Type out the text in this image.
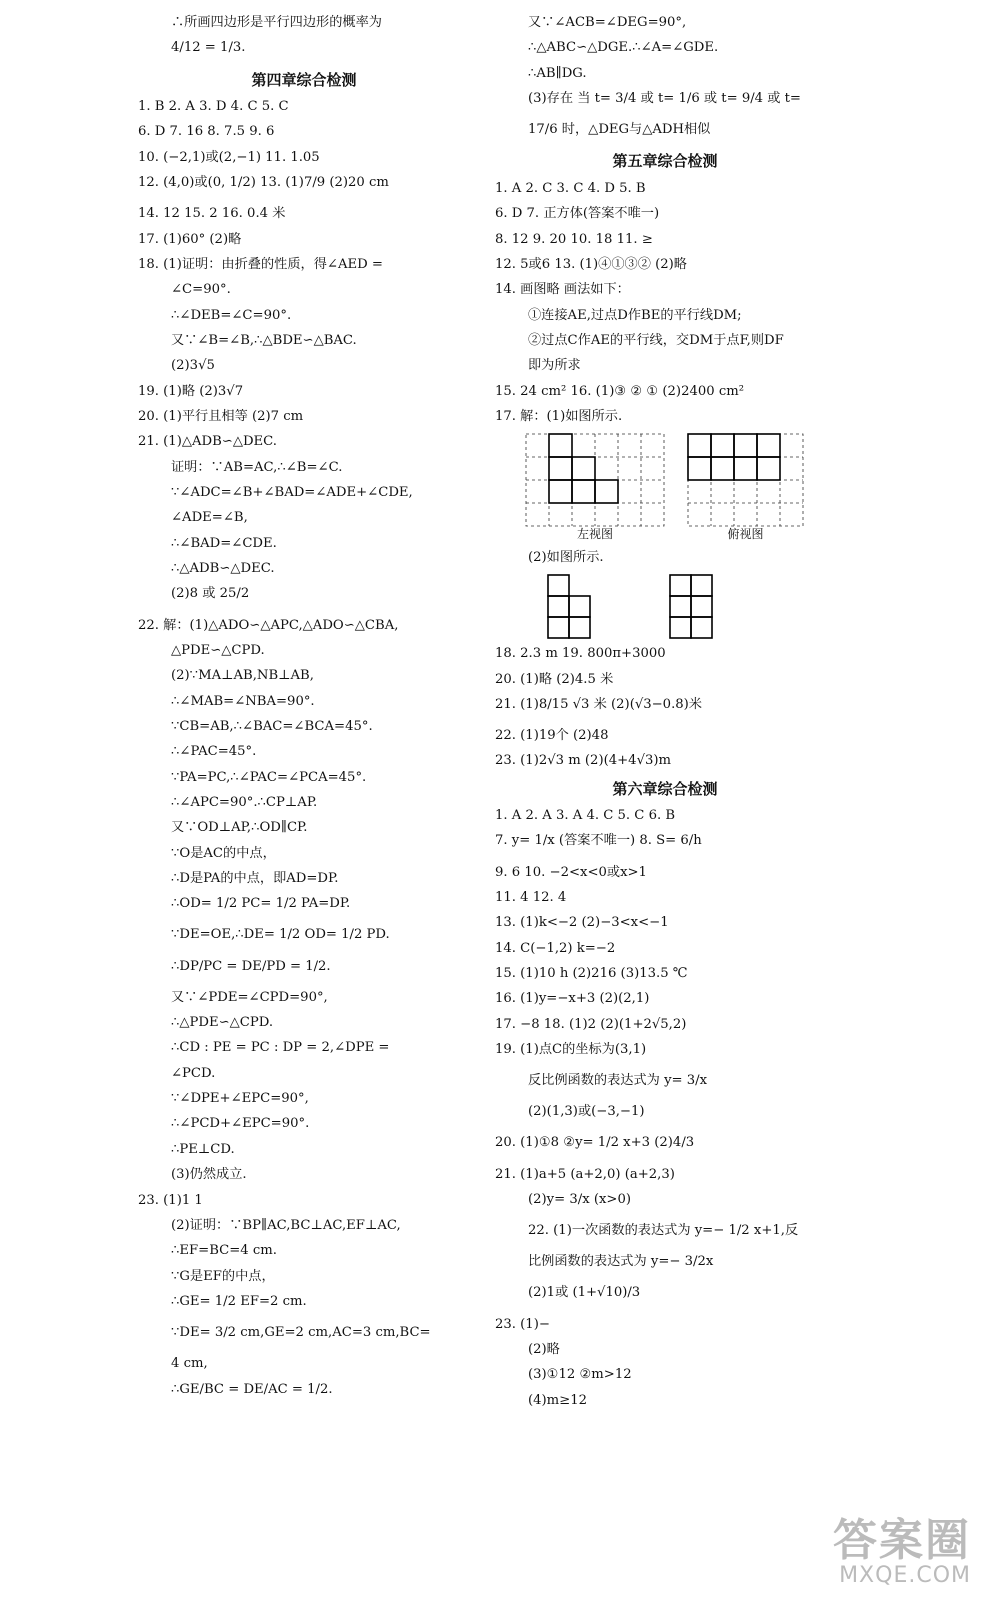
∴所画四边形是平行四边形的概率为
4/12 = 1/3.
第四章综合检测
1. B 2. A 3. D 4. C 5. C
6. D 7. 16 8. 7.5 9. 6
10. (−2,1)或(2,−1) 11. 1.05
12. (4,0)或(0, 1/2) 13. (1)7/9 (2)20 cm
14. 12 15. 2 16. 0.4 米
17. (1)60° (2)略
18. (1)证明：由折叠的性质，得∠AED =
∠C=90°.
∴∠DEB=∠C=90°.
又∵∠B=∠B,∴△BDE∽△BAC.
(2)3√5
19. (1)略 (2)3√7
20. (1)平行且相等 (2)7 cm
21. (1)△ADB∽△DEC.
证明：∵AB=AC,∴∠B=∠C.
∵∠ADC=∠B+∠BAD=∠ADE+∠CDE,
∠ADE=∠B,
∴∠BAD=∠CDE.
∴△ADB∽△DEC.
(2)8 或 25/2
22. 解：(1)△ADO∽△APC,△ADO∽△CBA,
△PDE∽△CPD.
(2)∵MA⊥AB,NB⊥AB,
∴∠MAB=∠NBA=90°.
∵CB=AB,∴∠BAC=∠BCA=45°.
∴∠PAC=45°.
∵PA=PC,∴∠PAC=∠PCA=45°.
∴∠APC=90°.∴CP⊥AP.
又∵OD⊥AP,∴OD∥CP.
∵O是AC的中点，
∴D是PA的中点，即AD=DP.
∴OD= 1/2 PC= 1/2 PA=DP.
∵DE=OE,∴DE= 1/2 OD= 1/2 PD.
∴DP/PC = DE/PD = 1/2.
又∵∠PDE=∠CPD=90°,
∴△PDE∽△CPD.
∴CD : PE = PC : DP = 2,∠DPE =
∠PCD.
∵∠DPE+∠EPC=90°,
∴∠PCD+∠EPC=90°.
∴PE⊥CD.
(3)仍然成立.
23. (1)1 1
(2)证明：∵BP∥AC,BC⊥AC,EF⊥AC,
∴EF=BC=4 cm.
∵G是EF的中点，
∴GE= 1/2 EF=2 cm.
∵DE= 3/2 cm,GE=2 cm,AC=3 cm,BC=
4 cm,
∴GE/BC = DE/AC = 1/2.
又∵∠ACB=∠DEG=90°,
∴△ABC∽△DGE.∴∠A=∠GDE.
∴AB∥DG.
(3)存在 当 t= 3/4 或 t= 1/6 或 t= 9/4 或 t=
17/6 时，△DEG与△ADH相似
第五章综合检测
1. A 2. C 3. C 4. D 5. B
6. D 7. 正方体(答案不唯一)
8. 12 9. 20 10. 18 11. ≥
12. 5或6 13. (1)④①③② (2)略
14. 画图略 画法如下：
①连接AE,过点D作BE的平行线DM;
②过点C作AE的平行线，交DM于点F,则DF
即为所求
15. 24 cm² 16. (1)③ ② ① (2)2400 cm²
17. 解：(1)如图所示.
左视图	俯视图
(2)如图所示.
18. 2.3 m 19. 800π+3000
20. (1)略 (2)4.5 米
21. (1)8/15 √3 米 (2)(√3−0.8)米
22. (1)19个 (2)48
23. (1)2√3 m (2)(4+4√3)m
第六章综合检测
1. A 2. A 3. A 4. C 5. C 6. B
7. y= 1/x (答案不唯一) 8. S= 6/h
9. 6 10. −2<x<0或x>1
11. 4 12. 4
13. (1)k<−2 (2)−3<x<−1
14. C(−1,2) k=−2
15. (1)10 h (2)216 (3)13.5 ℃
16. (1)y=−x+3 (2)(2,1)
17. −8 18. (1)2 (2)(1+2√5,2)
19. (1)点C的坐标为(3,1)
反比例函数的表达式为 y= 3/x
(2)(1,3)或(−3,−1)
20. (1)①8 ②y= 1/2 x+3 (2)4/3
21. (1)a+5 (a+2,0) (a+2,3)
(2)y= 3/x (x>0)
22. (1)一次函数的表达式为 y=− 1/2 x+1,反
比例函数的表达式为 y=− 3/2x
(2)1或 (1+√10)/3
23. (1)−
(2)略
(3)①12 ②m>12
(4)m≥12
答案圈
MXQE.COM
